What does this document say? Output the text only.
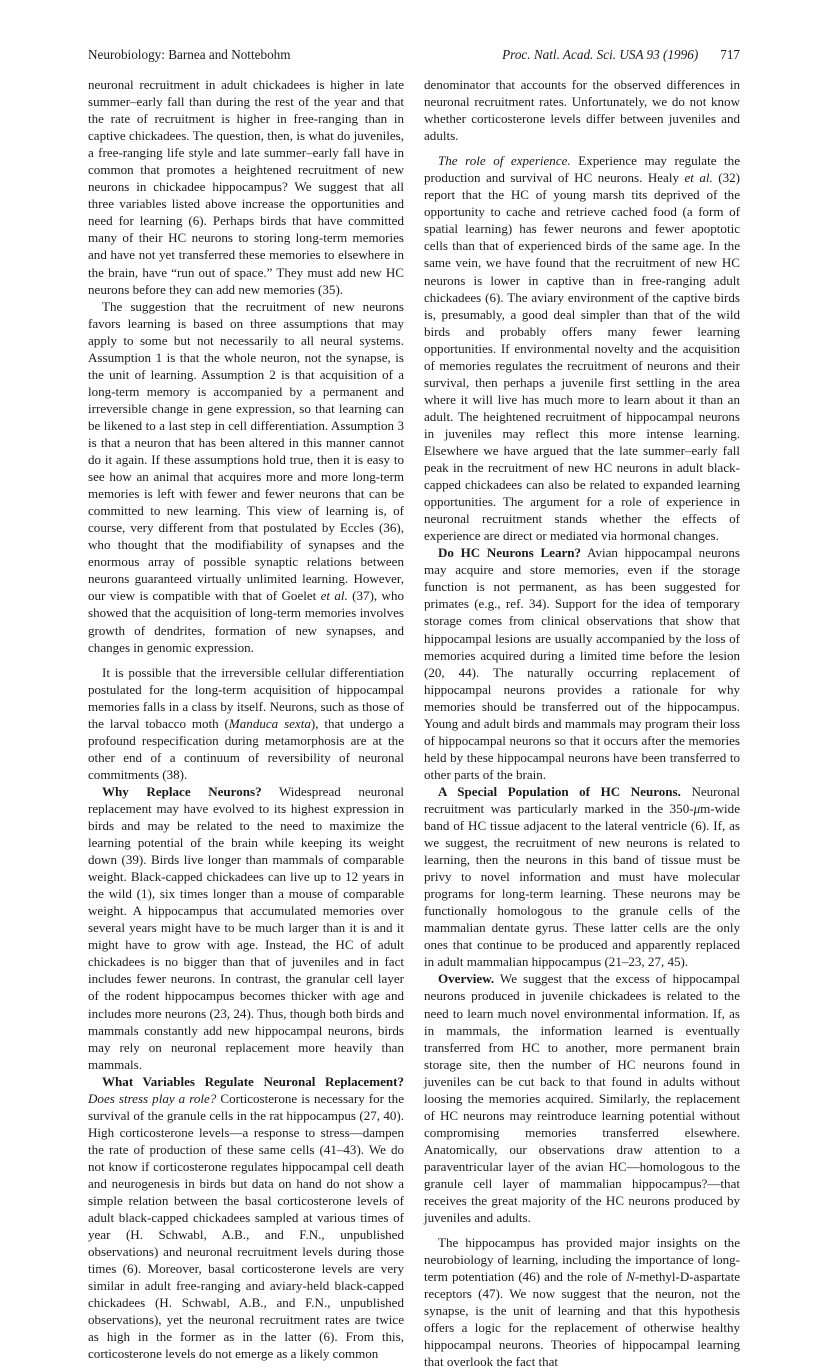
Neurobiology: Barnea and Nottebohm	Proc. Natl. Acad. Sci. USA 93 (1996) 717

neuronal recruitment in adult chickadees is higher in late summer–early fall than during the rest of the year and that the rate of recruitment is higher in free-ranging than in captive chickadees. The question, then, is what do juveniles, a free-ranging life style and late summer–early fall have in common that promotes a heightened recruitment of new neurons in chickadee hippocampus? We suggest that all three variables listed above increase the opportunities and need for learning (6). Perhaps birds that have committed many of their HC neurons to storing long-term memories and have not yet transferred these memories to elsewhere in the brain, have “run out of space.” They must add new HC neurons before they can add new memories (35).

The suggestion that the recruitment of new neurons favors learning is based on three assumptions that may apply to some but not necessarily to all neural systems. Assumption 1 is that the whole neuron, not the synapse, is the unit of learning. Assumption 2 is that acquisition of a long-term memory is accompanied by a permanent and irreversible change in gene expression, so that learning can be likened to a last step in cell differentiation. Assumption 3 is that a neuron that has been altered in this manner cannot do it again. If these assumptions hold true, then it is easy to see how an animal that acquires more and more long-term memories is left with fewer and fewer neurons that can be committed to new learning. This view of learning is, of course, very different from that postulated by Eccles (36), who thought that the modifiability of synapses and the enormous array of possible synaptic relations between neurons guaranteed virtually unlimited learning. However, our view is compatible with that of Goelet et al. (37), who showed that the acquisition of long-term memories involves growth of dendrites, formation of new synapses, and changes in genomic expression.

It is possible that the irreversible cellular differentiation postulated for the long-term acquisition of hippocampal memories falls in a class by itself. Neurons, such as those of the larval tobacco moth (Manduca sexta), that undergo a profound respecification during metamorphosis are at the other end of a continuum of reversibility of neuronal commitments (38).

Why Replace Neurons? Widespread neuronal replacement may have evolved to its highest expression in birds and may be related to the need to maximize the learning potential of the brain while keeping its weight down (39). Birds live longer than mammals of comparable weight. Black-capped chickadees can live up to 12 years in the wild (1), six times longer than a mouse of comparable weight. A hippocampus that accumulated memories over several years might have to be much larger than it is and it might have to grow with age. Instead, the HC of adult chickadees is no bigger than that of juveniles and in fact includes fewer neurons. In contrast, the granular cell layer of the rodent hippocampus becomes thicker with age and includes more neurons (23, 24). Thus, though both birds and mammals constantly add new hippocampal neurons, birds may rely on neuronal replacement more heavily than mammals.

What Variables Regulate Neuronal Replacement? Does stress play a role? Corticosterone is necessary for the survival of the granule cells in the rat hippocampus (27, 40). High corticosterone levels—a response to stress—dampen the rate of production of these same cells (41–43). We do not know if corticosterone regulates hippocampal cell death and neurogenesis in birds but data on hand do not show a simple relation between the basal corticosterone levels of adult black-capped chickadees sampled at various times of year (H. Schwabl, A.B., and F.N., unpublished observations) and neuronal recruitment levels during those times (6). Moreover, basal corticosterone levels are very similar in adult free-ranging and aviary-held black-capped chickadees (H. Schwabl, A.B., and F.N., unpublished observations), yet the neuronal recruitment rates are twice as high in the former as in the latter (6). From this, corticosterone levels do not emerge as a likely common

denominator that accounts for the observed differences in neuronal recruitment rates. Unfortunately, we do not know whether corticosterone levels differ between juveniles and adults.

The role of experience. Experience may regulate the production and survival of HC neurons. Healy et al. (32) report that the HC of young marsh tits deprived of the opportunity to cache and retrieve cached food (a form of spatial learning) has fewer neurons and fewer apoptotic cells than that of experienced birds of the same age. In the same vein, we have found that the recruitment of new HC neurons is lower in captive than in free-ranging adult chickadees (6). The aviary environment of the captive birds is, presumably, a good deal simpler than that of the wild birds and probably offers many fewer learning opportunities. If environmental novelty and the acquisition of memories regulates the recruitment of neurons and their survival, then perhaps a juvenile first settling in the area where it will live has much more to learn about it than an adult. The heightened recruitment of hippocampal neurons in juveniles may reflect this more intense learning. Elsewhere we have argued that the late summer–early fall peak in the recruitment of new HC neurons in adult black-capped chickadees can also be related to expanded learning opportunities. The argument for a role of experience in neuronal recruitment stands whether the effects of experience are direct or mediated via hormonal changes.

Do HC Neurons Learn? Avian hippocampal neurons may acquire and store memories, even if the storage function is not permanent, as has been suggested for primates (e.g., ref. 34). Support for the idea of temporary storage comes from clinical observations that show that hippocampal lesions are usually accompanied by the loss of memories acquired during a limited time before the lesion (20, 44). The naturally occurring replacement of hippocampal neurons provides a rationale for why memories should be transferred out of the hippocampus. Young and adult birds and mammals may program their loss of hippocampal neurons so that it occurs after the memories held by these hippocampal neurons have been transferred to other parts of the brain.

A Special Population of HC Neurons. Neuronal recruitment was particularly marked in the 350-μm-wide band of HC tissue adjacent to the lateral ventricle (6). If, as we suggest, the recruitment of new neurons is related to learning, then the neurons in this band of tissue must be privy to novel information and must have molecular programs for long-term learning. These neurons may be functionally homologous to the granule cells of the mammalian dentate gyrus. These latter cells are the only ones that continue to be produced and apparently replaced in adult mammalian hippocampus (21–23, 27, 45).

Overview. We suggest that the excess of hippocampal neurons produced in juvenile chickadees is related to the need to learn much novel environmental information. If, as in mammals, the information learned is eventually transferred from HC to another, more permanent brain storage site, then the number of HC neurons found in juveniles can be cut back to that found in adults without loosing the memories acquired. Similarly, the replacement of HC neurons may reintroduce learning potential without compromising memories transferred elsewhere. Anatomically, our observations draw attention to a paraventricular layer of the avian HC—homologous to the granule cell layer of mammalian hippocampus?—that receives the great majority of the HC neurons produced by juveniles and adults.

The hippocampus has provided major insights on the neurobiology of learning, including the importance of long-term potentiation (46) and the role of N-methyl-D-aspartate receptors (47). We now suggest that the neuron, not the synapse, is the unit of learning and that this hypothesis offers a logic for the replacement of otherwise healthy hippocampal neurons. Theories of hippocampal learning that overlook the fact that
